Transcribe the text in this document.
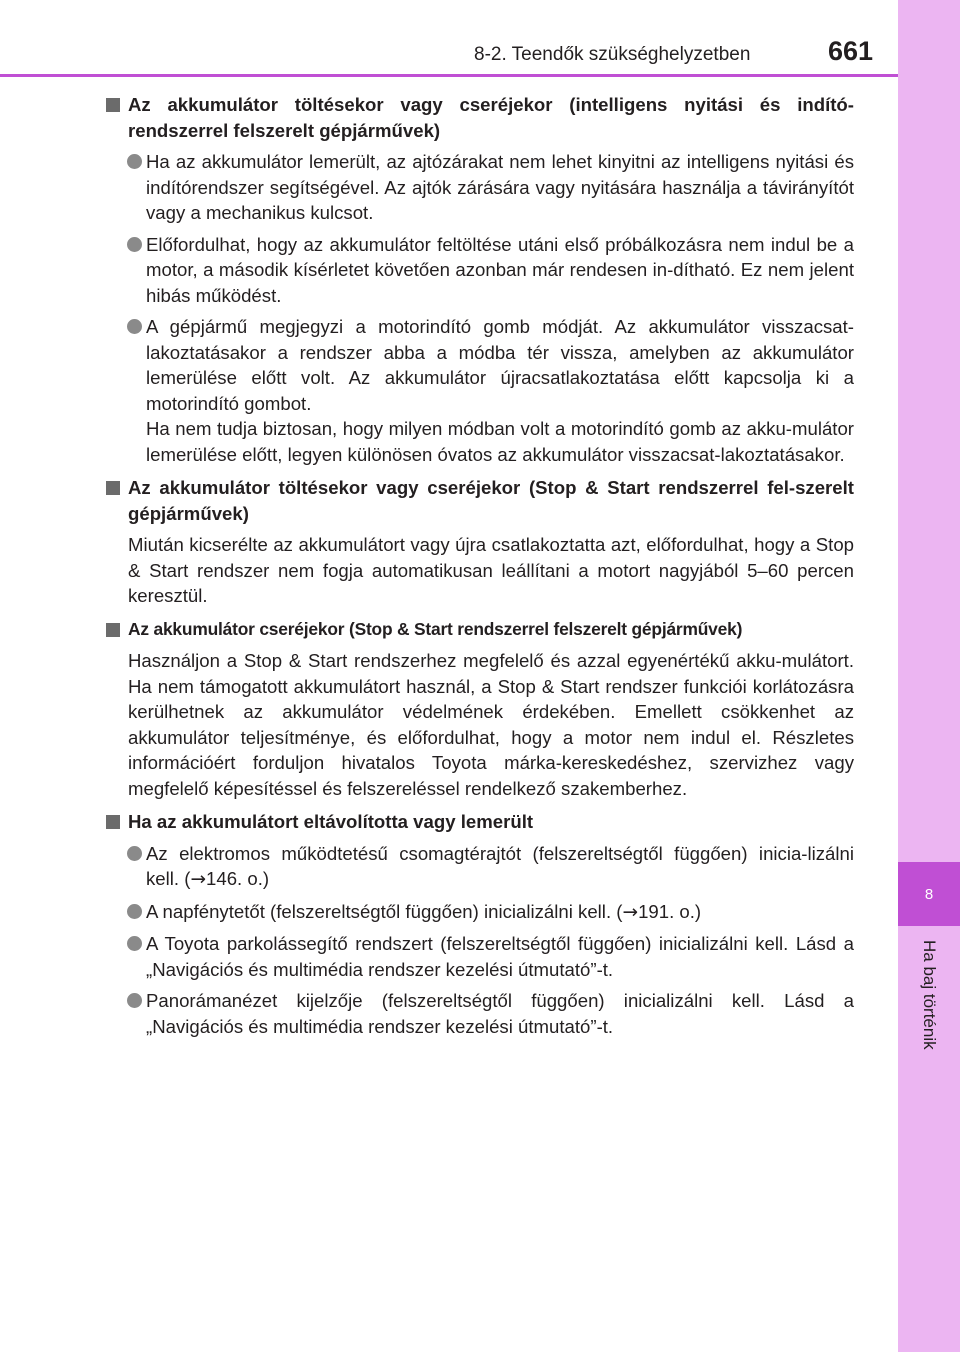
8-2. Teendők szükséghelyzetben	661
8
Ha baj történik
Az akkumulátor töltésekor vagy cseréjekor (intelligens nyitási és indító-rendszerrel felszerelt gépjárművek)

Ha az akkumulátor lemerült, az ajtózárakat nem lehet kinyitni az intelligens nyitási és indítórendszer segítségével. Az ajtók zárására vagy nyitására használja a távirányítót vagy a mechanikus kulcsot.

Előfordulhat, hogy az akkumulátor feltöltése utáni első próbálkozásra nem indul be a motor, a második kísérletet követően azonban már rendesen in-dítható. Ez nem jelent hibás működést.

A gépjármű megjegyzi a motorindító gomb módját. Az akkumulátor visszacsat-lakoztatásakor a rendszer abba a módba tér vissza, amelyben az akkumulátor lemerülése előtt volt. Az akkumulátor újracsatlakoztatása előtt kapcsolja ki a motorindító gombot.

Ha nem tudja biztosan, hogy milyen módban volt a motorindító gomb az akku-mulátor lemerülése előtt, legyen különösen óvatos az akkumulátor visszacsat-lakoztatásakor.

Az akkumulátor töltésekor vagy cseréjekor (Stop & Start rendszerrel fel-szerelt gépjárművek)

Miután kicserélte az akkumulátort vagy újra csatlakoztatta azt, előfordulhat, hogy a Stop & Start rendszer nem fogja automatikusan leállítani a motort nagyjából 5–60 percen keresztül.

Az akkumulátor cseréjekor (Stop & Start rendszerrel felszerelt gépjárművek)

Használjon a Stop & Start rendszerhez megfelelő és azzal egyenértékű akku-mulátort. Ha nem támogatott akkumulátort használ, a Stop & Start rendszer funkciói korlátozásra kerülhetnek az akkumulátor védelmének érdekében. Emellett csökkenhet az akkumulátor teljesítménye, és előfordulhat, hogy a motor nem indul el. Részletes információért forduljon hivatalos Toyota márka-kereskedéshez, szervizhez vagy megfelelő képesítéssel és felszereléssel rendelkező szakemberhez.

Ha az akkumulátort eltávolította vagy lemerült

Az elektromos működtetésű csomagtérajtót (felszereltségtől függően) inicia-lizálni kell. (→146. o.)

A napfénytetőt (felszereltségtől függően) inicializálni kell. (→191. o.)

A Toyota parkolássegítő rendszert (felszereltségtől függően) inicializálni kell. Lásd a „Navigációs és multimédia rendszer kezelési útmutató”-t.

Panorámanézet kijelzője (felszereltségtől függően) inicializálni kell. Lásd a „Navigációs és multimédia rendszer kezelési útmutató”-t.
